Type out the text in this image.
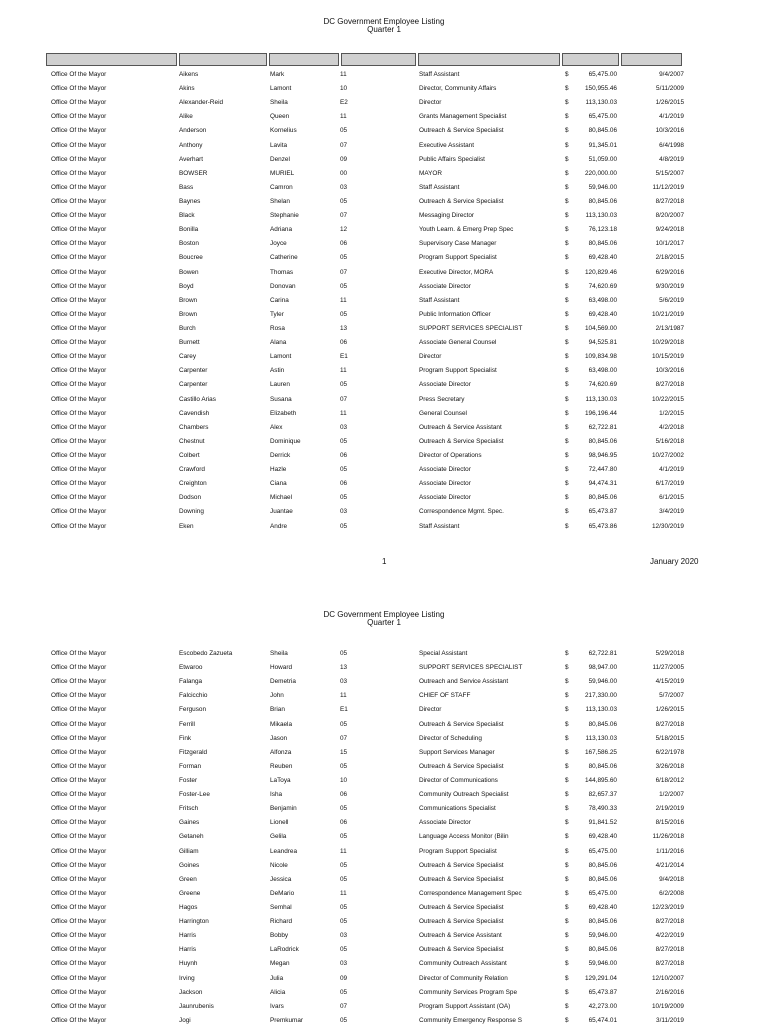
DC Government Employee Listing
Quarter 1
Office Of the Mayor	Aikens	Mark	11	Staff Assistant	$	65,475.00	9/4/2007
Office Of the Mayor	Akins	Lamont	10	Director, Community Affairs	$	150,955.46	5/11/2009
Office Of the Mayor	Alexander-Reid	Sheila	E2	Director	$	113,130.03	1/26/2015
Office Of the Mayor	Alike	Queen	11	Grants Management Specialist	$	65,475.00	4/1/2019
Office Of the Mayor	Anderson	Kornelius	05	Outreach & Service Specialist	$	80,845.06	10/3/2016
Office Of the Mayor	Anthony	Lavita	07	Executive Assistant	$	91,345.01	6/4/1998
Office Of the Mayor	Averhart	Denzel	09	Public Affairs Specialist	$	51,059.00	4/8/2019
Office Of the Mayor	BOWSER	MURIEL	00	MAYOR	$	220,000.00	5/15/2007
Office Of the Mayor	Bass	Camron	03	Staff Assistant	$	59,946.00	11/12/2019
Office Of the Mayor	Baynes	Shelan	05	Outreach & Service Specialist	$	80,845.06	8/27/2018
Office Of the Mayor	Black	Stephanie	07	Messaging Director	$	113,130.03	8/20/2007
Office Of the Mayor	Bonilla	Adriana	12	Youth Learn. & Emerg Prep Spec	$	76,123.18	9/24/2018
Office Of the Mayor	Boston	Joyce	06	Supervisory Case Manager	$	80,845.06	10/1/2017
Office Of the Mayor	Boucree	Catherine	05	Program Support Specialist	$	69,428.40	2/18/2015
Office Of the Mayor	Bowen	Thomas	07	Executive Director, MORA	$	120,829.46	6/29/2016
Office Of the Mayor	Boyd	Donovan	05	Associate Director	$	74,620.69	9/30/2019
Office Of the Mayor	Brown	Carina	11	Staff Assistant	$	63,498.00	5/6/2019
Office Of the Mayor	Brown	Tyler	05	Public Information Officer	$	69,428.40	10/21/2019
Office Of the Mayor	Burch	Rosa	13	SUPPORT SERVICES SPECIALIST	$	104,569.00	2/13/1987
Office Of the Mayor	Burnett	Alana	06	Associate General Counsel	$	94,525.81	10/29/2018
Office Of the Mayor	Carey	Lamont	E1	Director	$	109,834.98	10/15/2019
Office Of the Mayor	Carpenter	Astin	11	Program Support Specialist	$	63,498.00	10/3/2016
Office Of the Mayor	Carpenter	Lauren	05	Associate Director	$	74,620.69	8/27/2018
Office Of the Mayor	Castillo Arias	Susana	07	Press Secretary	$	113,130.03	10/22/2015
Office Of the Mayor	Cavendish	Elizabeth	11	General Counsel	$	196,196.44	1/2/2015
Office Of the Mayor	Chambers	Alex	03	Outreach & Service Assistant	$	62,722.81	4/2/2018
Office Of the Mayor	Chestnut	Dominique	05	Outreach & Service Specialist	$	80,845.06	5/16/2018
Office Of the Mayor	Colbert	Derrick	06	Director of Operations	$	98,946.95	10/27/2002
Office Of the Mayor	Crawford	Hazle	05	Associate Director	$	72,447.80	4/1/2019
Office Of the Mayor	Creighton	Ciana	06	Associate Director	$	94,474.31	6/17/2019
Office Of the Mayor	Dodson	Michael	05	Associate Director	$	80,845.06	6/1/2015
Office Of the Mayor	Downing	Juantae	03	Correspondence Mgmt. Spec.	$	65,473.87	3/4/2019
Office Of the Mayor	Eken	Andre	05	Staff Assistant	$	65,473.86	12/30/2019
1	January 2020
DC Government Employee Listing
Quarter 1
Office Of the Mayor	Escobedo Zazueta	Sheila	05	Special Assistant	$	62,722.81	5/29/2018
Office Of the Mayor	Etwaroo	Howard	13	SUPPORT SERVICES SPECIALIST	$	98,947.00	11/27/2005
Office Of the Mayor	Falanga	Demetria	03	Outreach and Service Assistant	$	59,946.00	4/15/2019
Office Of the Mayor	Falcicchio	John	11	CHIEF OF STAFF	$	217,330.00	5/7/2007
Office Of the Mayor	Ferguson	Brian	E1	Director	$	113,130.03	1/26/2015
Office Of the Mayor	Ferrill	Mikaela	05	Outreach & Service Specialist	$	80,845.06	8/27/2018
Office Of the Mayor	Fink	Jason	07	Director of Scheduling	$	113,130.03	5/18/2015
Office Of the Mayor	Fitzgerald	Alfonza	15	Support Services Manager	$	167,586.25	6/22/1978
Office Of the Mayor	Forman	Reuben	05	Outreach & Service Specialist	$	80,845.06	3/26/2018
Office Of the Mayor	Foster	LaToya	10	Director of Communications	$	144,895.60	6/18/2012
Office Of the Mayor	Foster-Lee	Isha	06	Community Outreach Specialist	$	82,657.37	1/2/2007
Office Of the Mayor	Fritsch	Benjamin	05	Communications Specialist	$	78,490.33	2/19/2019
Office Of the Mayor	Gaines	Lionell	06	Associate Director	$	91,841.52	8/15/2016
Office Of the Mayor	Getaneh	Gelila	05	Language Access Monitor (Bilin	$	69,428.40	11/26/2018
Office Of the Mayor	Gilliam	Leandrea	11	Program Support Specialist	$	65,475.00	1/11/2016
Office Of the Mayor	Goines	Nicole	05	Outreach & Service Specialist	$	80,845.06	4/21/2014
Office Of the Mayor	Green	Jessica	05	Outreach & Service Specialist	$	80,845.06	9/4/2018
Office Of the Mayor	Greene	DeMario	11	Correspondence Management Spec	$	65,475.00	6/2/2008
Office Of the Mayor	Hagos	Semhal	05	Outreach & Service Specialist	$	69,428.40	12/23/2019
Office Of the Mayor	Harrington	Richard	05	Outreach & Service Specialist	$	80,845.06	8/27/2018
Office Of the Mayor	Harris	Bobby	03	Outreach & Service Assistant	$	59,946.00	4/22/2019
Office Of the Mayor	Harris	LaRodrick	05	Outreach & Service Specialist	$	80,845.06	8/27/2018
Office Of the Mayor	Huynh	Megan	03	Community Outreach Assistant	$	59,946.00	8/27/2018
Office Of the Mayor	Irving	Julia	09	Director of Community Relation	$	129,291.04	12/10/2007
Office Of the Mayor	Jackson	Alicia	05	Community Services Program Spe	$	65,473.87	2/16/2016
Office Of the Mayor	Jaunrubenis	Ivars	07	Program Support Assistant (OA)	$	42,273.00	10/19/2009
Office Of the Mayor	Jogi	Premkumar	05	Community Emergency Response S	$	65,474.01	3/11/2019
